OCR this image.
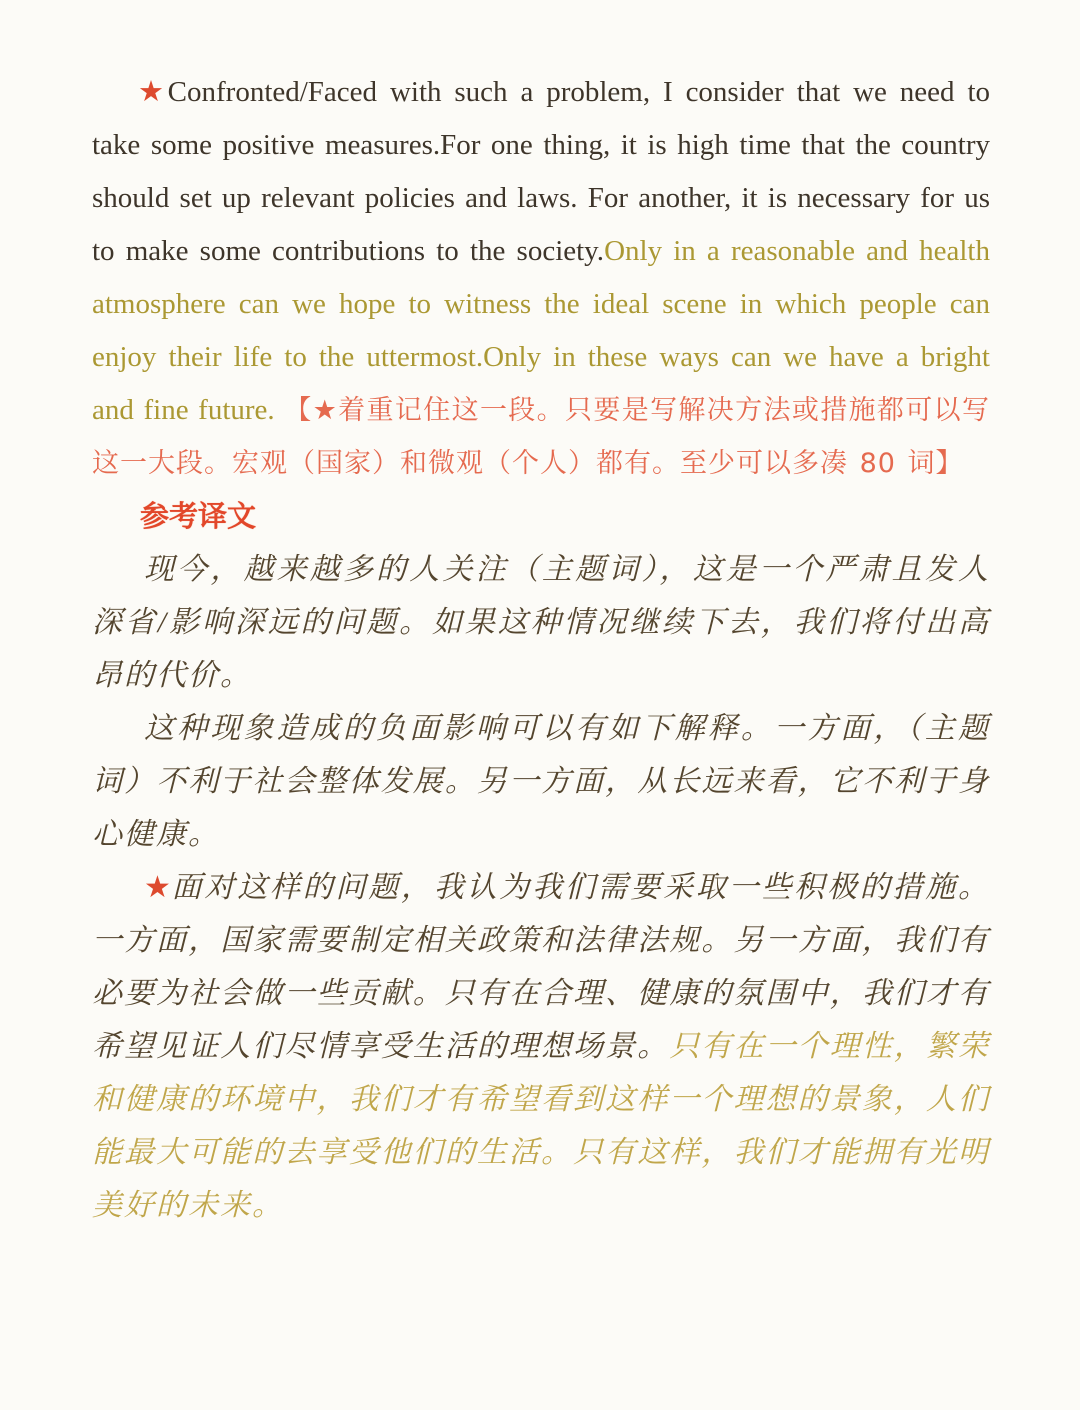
★Confronted/Faced with such a problem, I consider that we need to take some positive measures.For one thing, it is high time that the country should set up relevant policies and laws. For another, it is necessary for us to make some contributions to the society.Only in a reasonable and health atmosphere can we hope to witness the ideal scene in which people can enjoy their life to the uttermost.Only in these ways can we have a bright and fine future. 【★着重记住这一段。只要是写解决方法或措施都可以写这一大段。宏观（国家）和微观（个人）都有。至少可以多凑 80 词】

参考译文

现今，越来越多的人关注（主题词），这是一个严肃且发人深省/影响深远的问题。如果这种情况继续下去，我们将付出高昂的代价。

这种现象造成的负面影响可以有如下解释。一方面，（主题词）不利于社会整体发展。另一方面，从长远来看，它不利于身心健康。

★面对这样的问题，我认为我们需要采取一些积极的措施。一方面，国家需要制定相关政策和法律法规。另一方面，我们有必要为社会做一些贡献。只有在合理、健康的氛围中，我们才有希望见证人们尽情享受生活的理想场景。只有在一个理性，繁荣和健康的环境中，我们才有希望看到这样一个理想的景象，人们能最大可能的去享受他们的生活。只有这样，我们才能拥有光明美好的未来。
